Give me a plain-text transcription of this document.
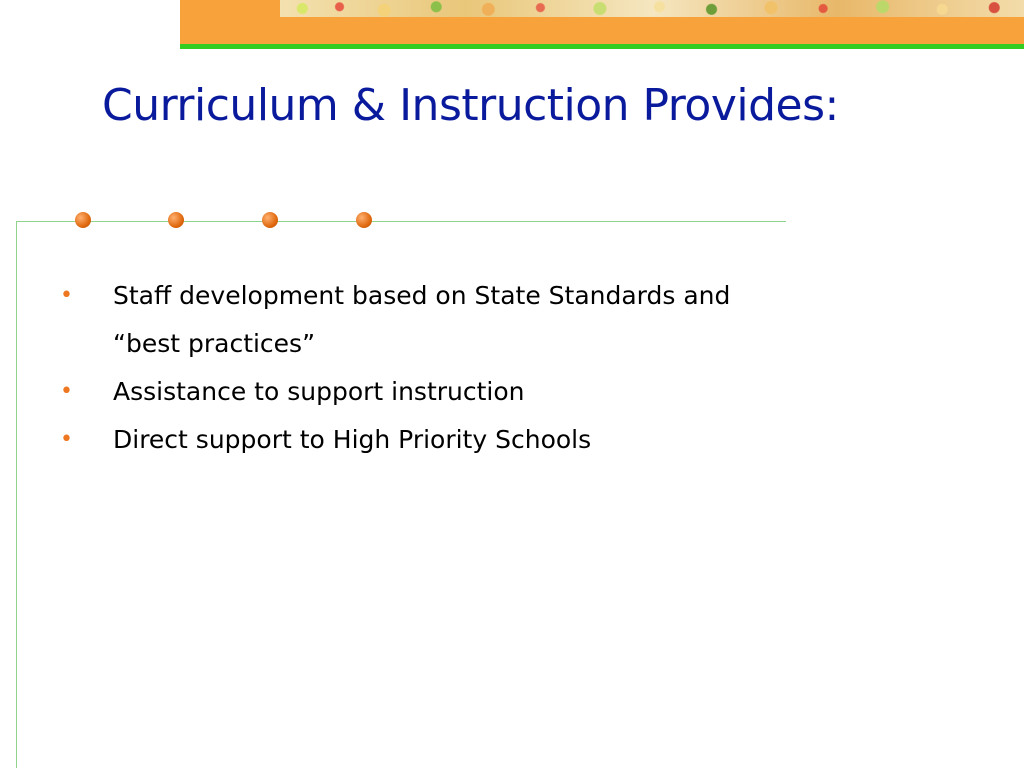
Curriculum & Instruction Provides:
• Staff development based on State Standards and
“best practices”
• Assistance to support instruction
• Direct support to High Priority Schools
